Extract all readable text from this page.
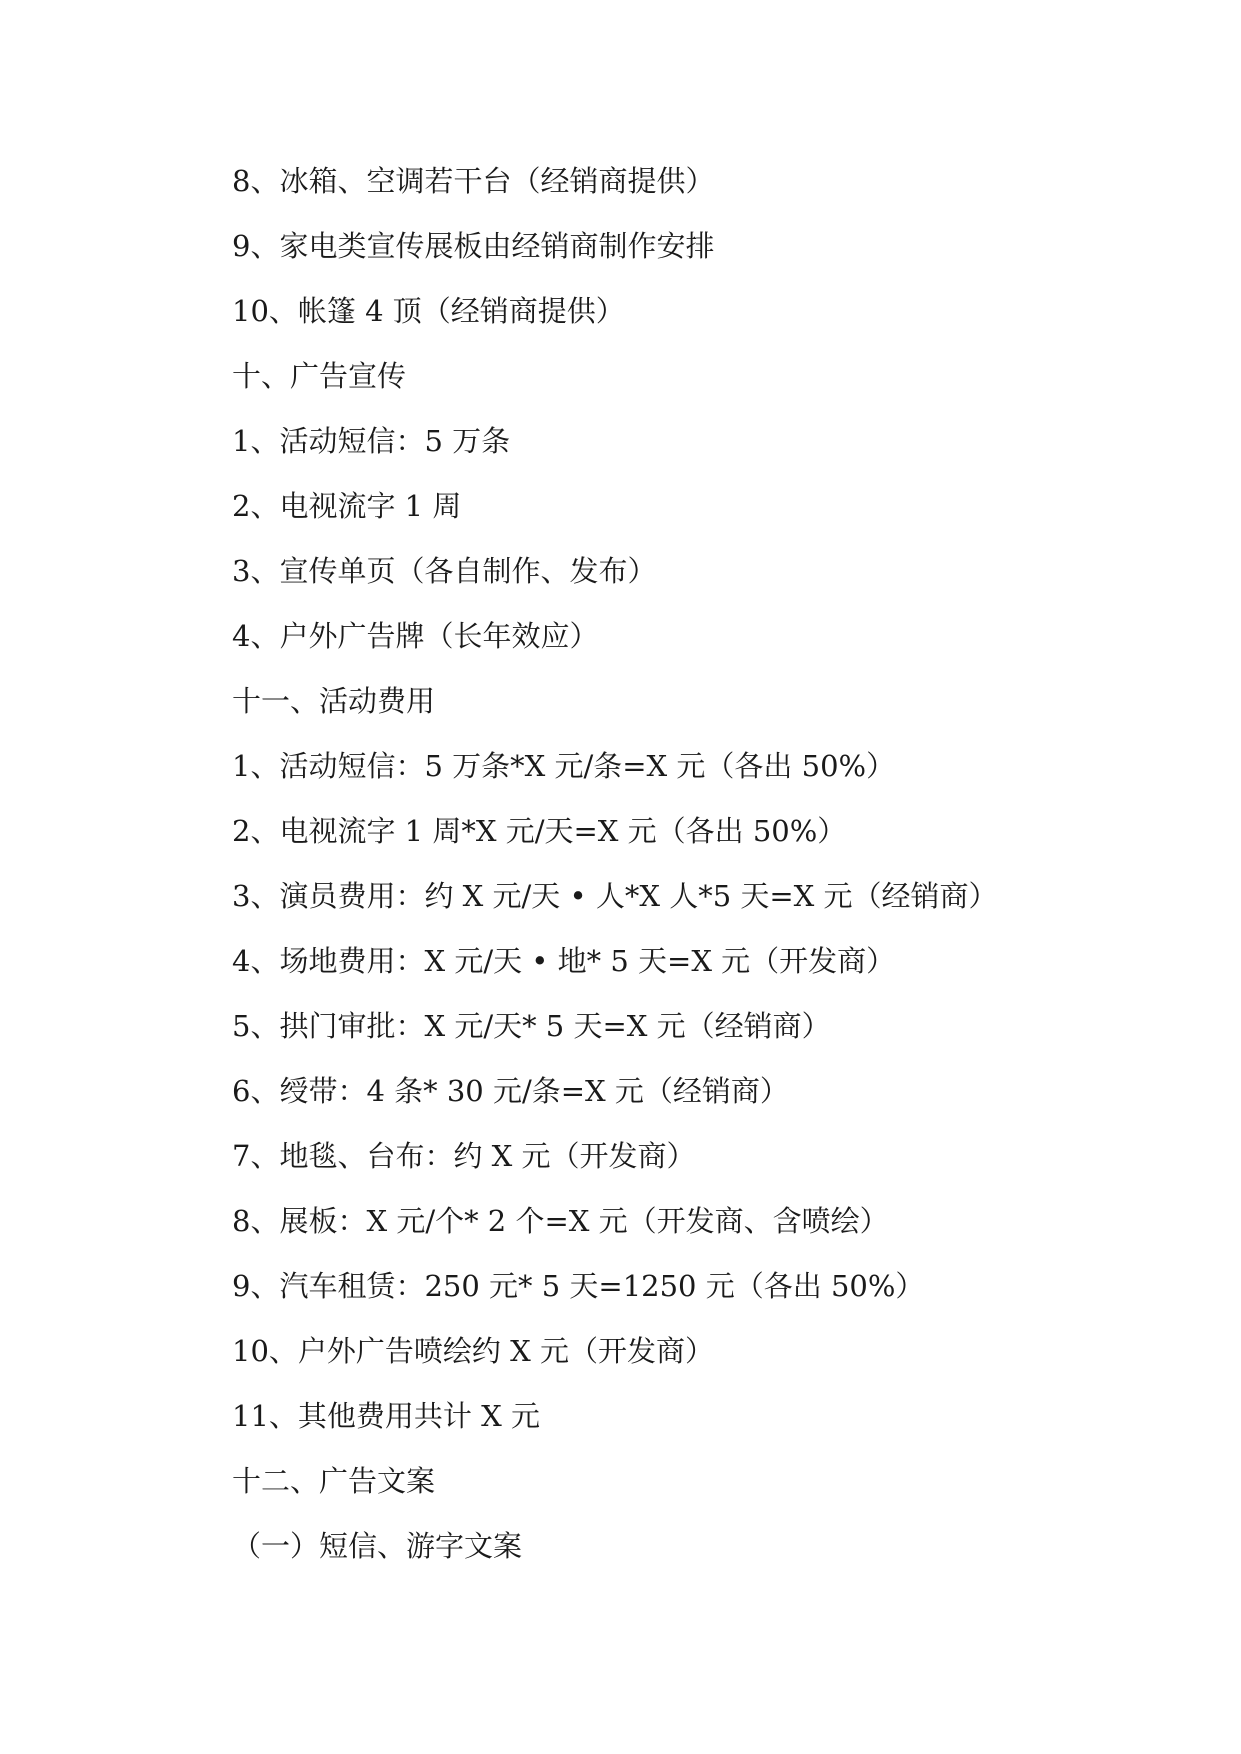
8、冰箱、空调若干台（经销商提供）

9、家电类宣传展板由经销商制作安排

10、帐篷 4 顶（经销商提供）

十、广告宣传

1、活动短信：5 万条

2、电视流字 1 周

3、宣传单页（各自制作、发布）

4、户外广告牌（长年效应）

十一、活动费用

1、活动短信：5 万条*X 元/条=X 元（各出 50%）

2、电视流字 1 周*X 元/天=X 元（各出 50%）

3、演员费用：约 X 元/天 • 人*X 人*5 天=X 元（经销商）

4、场地费用：X 元/天 • 地* 5 天=X 元（开发商）

5、拱门审批：X 元/天* 5 天=X 元（经销商）

6、绶带：4 条* 30 元/条=X 元（经销商）

7、地毯、台布：约 X 元（开发商）

8、展板：X 元/个* 2 个=X 元（开发商、含喷绘）

9、汽车租赁：250 元* 5 天=1250 元（各出 50%）

10、户外广告喷绘约 X 元（开发商）

11、其他费用共计 X 元

十二、广告文案

（一）短信、游字文案
